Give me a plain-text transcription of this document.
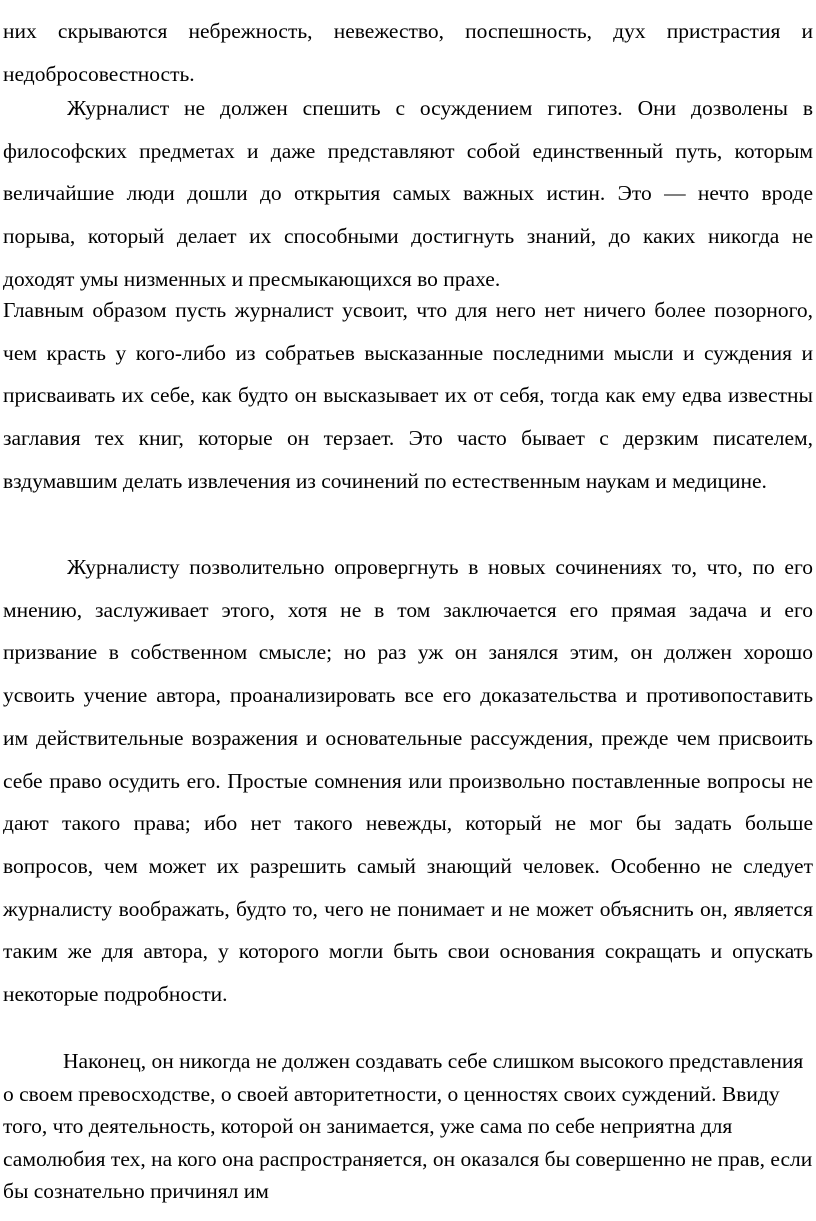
них скрываются небрежность, невежество, поспешность, дух пристрастия и недобросовестность.

Журналист не должен спешить с осуждением гипотез. Они дозволены в философских предметах и даже представляют собой единственный путь, которым величайшие люди дошли до открытия самых важных истин. Это — нечто вроде порыва, который делает их способными достигнуть знаний, до каких никогда не доходят умы низменных и пресмыкающихся во прахе.

Главным образом пусть журналист усвоит, что для него нет ничего более позорного, чем красть у кого-либо из собратьев высказанные последними мысли и суждения и присваивать их себе, как будто он высказывает их от себя, тогда как ему едва известны заглавия тех книг, которые он терзает. Это часто бывает с дерзким писателем, вздумавшим делать извлечения из сочинений по естественным наукам и медицине.

Журналисту позволительно опровергнуть в новых сочинениях то, что, по его мнению, заслуживает этого, хотя не в том заключается его прямая задача и его призвание в собственном смысле; но раз уж он занялся этим, он должен хорошо усвоить учение автора, проанализировать все его доказательства и противопоставить им действительные возражения и основательные рассуждения, прежде чем присвоить себе право осудить его. Простые сомнения или произвольно поставленные вопросы не дают такого права; ибо нет такого невежды, который не мог бы задать больше вопросов, чем может их разрешить самый знающий человек. Особенно не следует журналисту воображать, будто то, чего не понимает и не может объяснить он, является таким же для автора, у которого могли быть свои основания сокращать и опускать некоторые подробности.

Наконец, он никогда не должен создавать себе слишком высокого представления о своем превосходстве, о своей авторитетности, о ценностях своих суждений. Ввиду того, что деятельность, которой он занимается, уже сама по себе неприятна для самолюбия тех, на кого она распространяется, он оказался бы совершенно не прав, если бы сознательно причинял им
